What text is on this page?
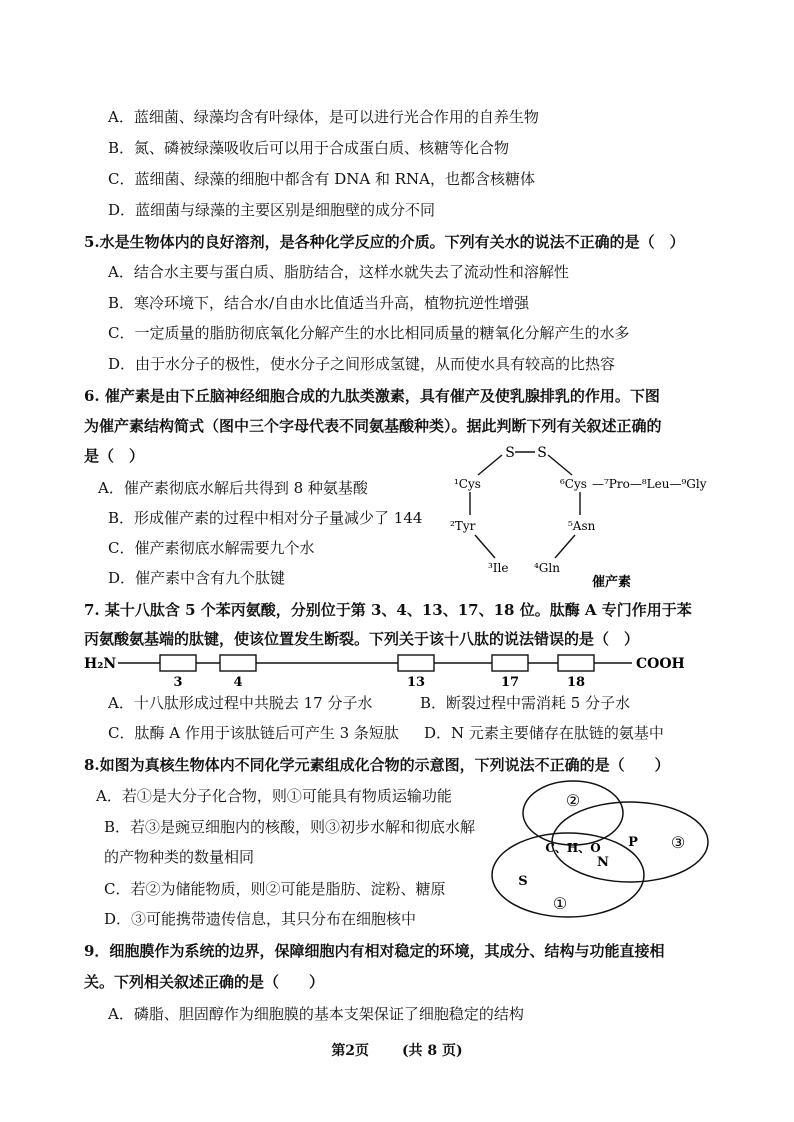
A．蓝细菌、绿藻均含有叶绿体，是可以进行光合作用的自养生物
B．氮、磷被绿藻吸收后可以用于合成蛋白质、核糖等化合物
C．蓝细菌、绿藻的细胞中都含有 DNA 和 RNA，也都含核糖体
D．蓝细菌与绿藻的主要区别是细胞壁的成分不同
5.水是生物体内的良好溶剂，是各种化学反应的介质。下列有关水的说法不正确的是（　）
A．结合水主要与蛋白质、脂肪结合，这样水就失去了流动性和溶解性
B．寒冷环境下，结合水/自由水比值适当升高，植物抗逆性增强
C．一定质量的脂肪彻底氧化分解产生的水比相同质量的糖氧化分解产生的水多
D．由于水分子的极性，使水分子之间形成氢键，从而使水具有较高的比热容
6. 催产素是由下丘脑神经细胞合成的九肽类激素，具有催产及使乳腺排乳的作用。下图
为催产素结构简式（图中三个字母代表不同氨基酸种类）。据此判断下列有关叙述正确的
是（　）
A．催产素彻底水解后共得到 8 种氨基酸
B．形成催产素的过程中相对分子量减少了 144
C．催产素彻底水解需要九个水
D．催产素中含有九个肽键
S S
¹Cys	⁶Cys —⁷Pro—⁸Leu—⁹Gly
²Tyr	⁵Asn
³Ile ⁴Gln
催产素
7. 某十八肽含 5 个苯丙氨酸，分别位于第 3、4、13、17、18 位。肽酶 A 专门作用于苯
丙氨酸氨基端的肽键，使该位置发生断裂。下列关于该十八肽的说法错误的是（　）
H₂N	COOH
3	4	13	17	18
A．十八肽形成过程中共脱去 17 分子水	B．断裂过程中需消耗 5 分子水
C．肽酶 A 作用于该肽链后可产生 3 条短肽 D．N 元素主要储存在肽链的氨基中
8.如图为真核生物体内不同化学元素组成化合物的示意图，下列说法不正确的是（　　）
A．若①是大分子化合物，则①可能具有物质运输功能
B．若③是豌豆细胞内的核酸，则③初步水解和彻底水解
的产物种类的数量相同
C．若②为储能物质，则②可能是脂肪、淀粉、糖原
D．③可能携带遗传信息，其只分布在细胞核中
②
③
①
C、H、O
N
P
S
9．细胞膜作为系统的边界，保障细胞内有相对稳定的环境，其成分、结构与功能直接相
关。下列相关叙述正确的是（　　）
A．磷脂、胆固醇作为细胞膜的基本支架保证了细胞稳定的结构
第2页 (共 8 页)
